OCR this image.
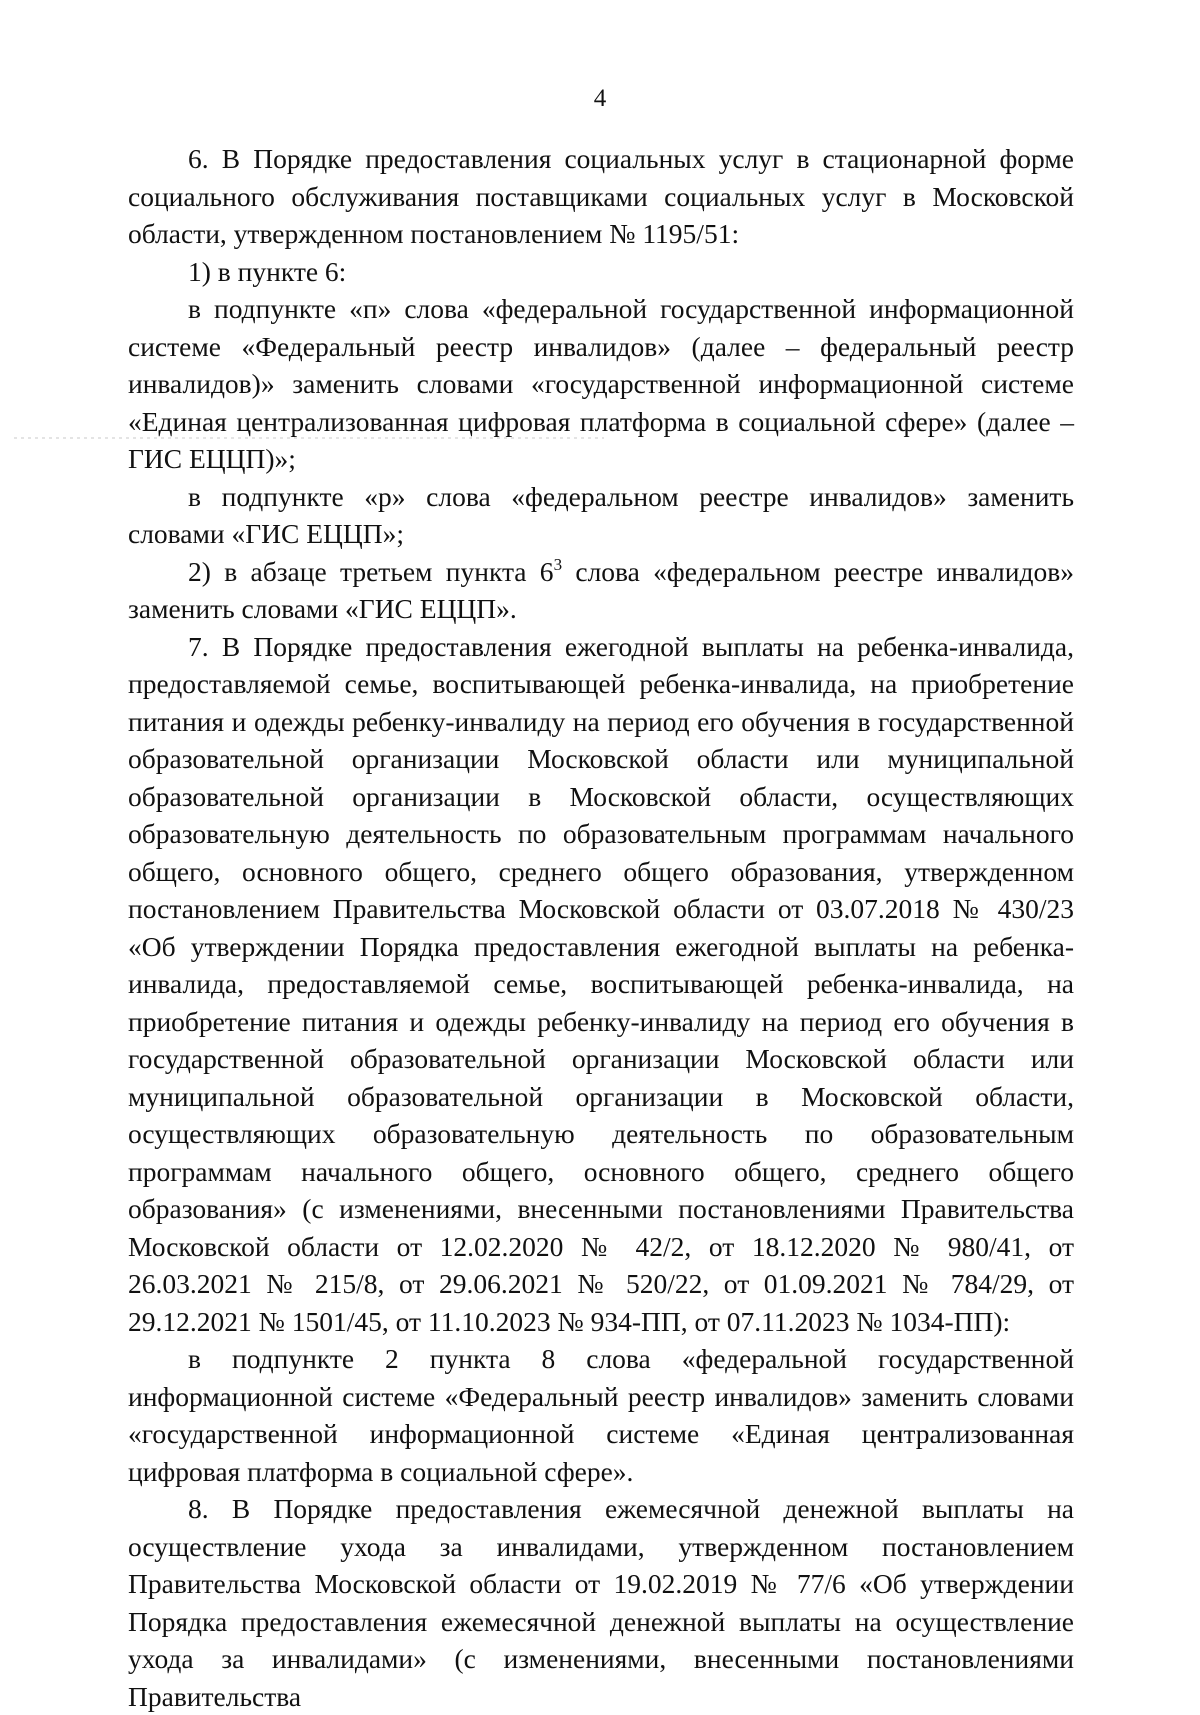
4

6. В Порядке предоставления социальных услуг в стационарной форме социального обслуживания поставщиками социальных услуг в Московской области, утвержденном постановлением № 1195/51:

1) в пункте 6:

в подпункте «п» слова «федеральной государственной информационной системе «Федеральный реестр инвалидов» (далее – федеральный реестр инвалидов)» заменить словами «государственной информационной системе «Единая централизованная цифровая платформа в социальной сфере» (далее – ГИС ЕЦЦП)»;

в подпункте «р» слова «федеральном реестре инвалидов» заменить словами «ГИС ЕЦЦП»;

2) в абзаце третьем пункта $6^3$ слова «федеральном реестре инвалидов» заменить словами «ГИС ЕЦЦП».

7. В Порядке предоставления ежегодной выплаты на ребенка-инвалида, предоставляемой семье, воспитывающей ребенка-инвалида, на приобретение питания и одежды ребенку-инвалиду на период его обучения в государственной образовательной организации Московской области или муниципальной образовательной организации в Московской области, осуществляющих образовательную деятельность по образовательным программам начального общего, основного общего, среднего общего образования, утвержденном постановлением Правительства Московской области от 03.07.2018 № 430/23 «Об утверждении Порядка предоставления ежегодной выплаты на ребенка-инвалида, предоставляемой семье, воспитывающей ребенка-инвалида, на приобретение питания и одежды ребенку-инвалиду на период его обучения в государственной образовательной организации Московской области или муниципальной образовательной организации в Московской области, осуществляющих образовательную деятельность по образовательным программам начального общего, основного общего, среднего общего образования» (с изменениями, внесенными постановлениями Правительства Московской области от 12.02.2020 № 42/2, от 18.12.2020 № 980/41, от 26.03.2021 № 215/8, от 29.06.2021 № 520/22, от 01.09.2021 № 784/29, от 29.12.2021 № 1501/45, от 11.10.2023 № 934-ПП, от 07.11.2023 № 1034-ПП):

в подпункте 2 пункта 8 слова «федеральной государственной информационной системе «Федеральный реестр инвалидов» заменить словами «государственной информационной системе «Единая централизованная цифровая платформа в социальной сфере».

8. В Порядке предоставления ежемесячной денежной выплаты на осуществление ухода за инвалидами, утвержденном постановлением Правительства Московской области от 19.02.2019 № 77/6 «Об утверждении Порядка предоставления ежемесячной денежной выплаты на осуществление ухода за инвалидами» (с изменениями, внесенными постановлениями Правительства
